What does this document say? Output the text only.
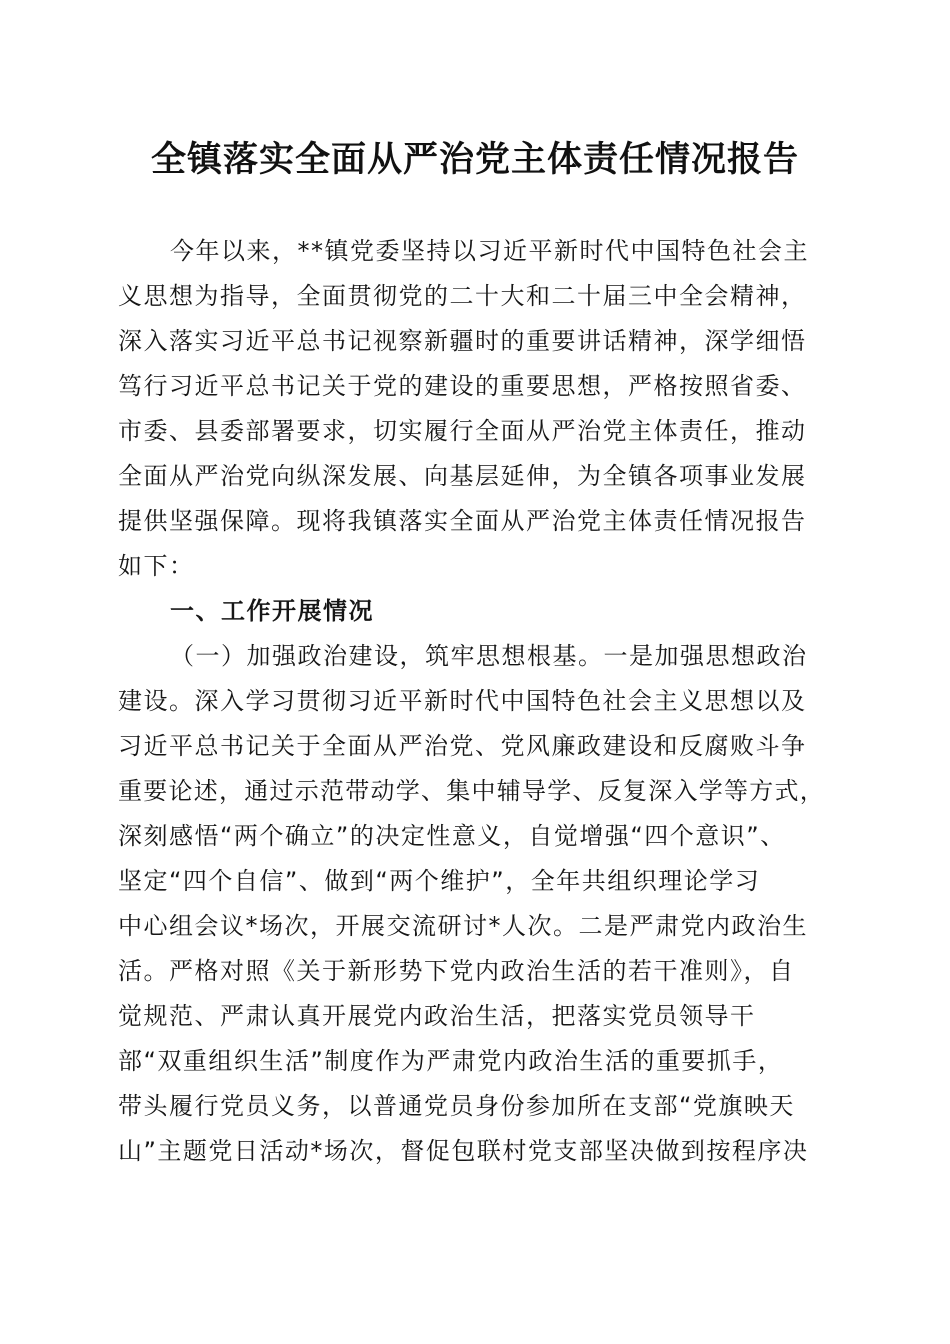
全镇落实全面从严治党主体责任情况报告
今年以来，**镇党委坚持以习近平新时代中国特色社会主
义思想为指导，全面贯彻党的二十大和二十届三中全会精神，
深入落实习近平总书记视察新疆时的重要讲话精神，深学细悟
笃行习近平总书记关于党的建设的重要思想，严格按照省委、
市委、县委部署要求，切实履行全面从严治党主体责任，推动
全面从严治党向纵深发展、向基层延伸，为全镇各项事业发展
提供坚强保障。现将我镇落实全面从严治党主体责任情况报告
如下：
一、工作开展情况
（一）加强政治建设，筑牢思想根基。一是加强思想政治
建设。深入学习贯彻习近平新时代中国特色社会主义思想以及
习近平总书记关于全面从严治党、党风廉政建设和反腐败斗争
重要论述，通过示范带动学、集中辅导学、反复深入学等方式，
深刻感悟“两个确立”的决定性意义，自觉增强“四个意识”、
坚定“四个自信”、做到“两个维护”，全年共组织理论学习
中心组会议*场次，开展交流研讨*人次。二是严肃党内政治生
活。严格对照《关于新形势下党内政治生活的若干准则》，自
觉规范、严肃认真开展党内政治生活，把落实党员领导干
部“双重组织生活”制度作为严肃党内政治生活的重要抓手，
带头履行党员义务，以普通党员身份参加所在支部“党旗映天
山”主题党日活动*场次，督促包联村党支部坚决做到按程序决
